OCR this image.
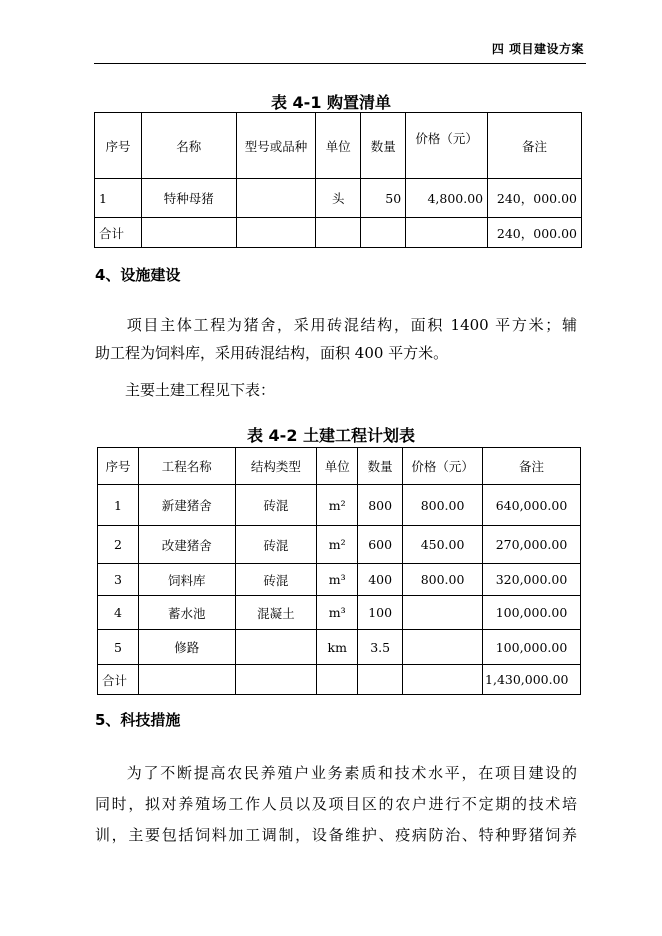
四 项目建设方案
表 4-1 购置清单
序号	名称	型号或品种	单位	数量	价格（元）	备注
1	特种母猪		头	50	4,800.00	240，000.00
合计						240，000.00
4、设施建设
项目主体工程为猪舍，采用砖混结构，面积 1400 平方米；辅
助工程为饲料库，采用砖混结构，面积 400 平方米。
主要土建工程见下表：
表 4-2 土建工程计划表
序号	工程名称	结构类型	单位	数量	价格（元）	备注
1	新建猪舍	砖混	m²	800	800.00	640,000.00
2	改建猪舍	砖混	m²	600	450.00	270,000.00
3	饲料库	砖混	m³	400	800.00	320,000.00
4	蓄水池	混凝土	m³	100		100,000.00
5	修路		km	3.5		100,000.00
合计						1,430,000.00
5、科技措施
为了不断提高农民养殖户业务素质和技术水平，在项目建设的
同时，拟对养殖场工作人员以及项目区的农户进行不定期的技术培
训，主要包括饲料加工调制，设备维护、疫病防治、特种野猪饲养
